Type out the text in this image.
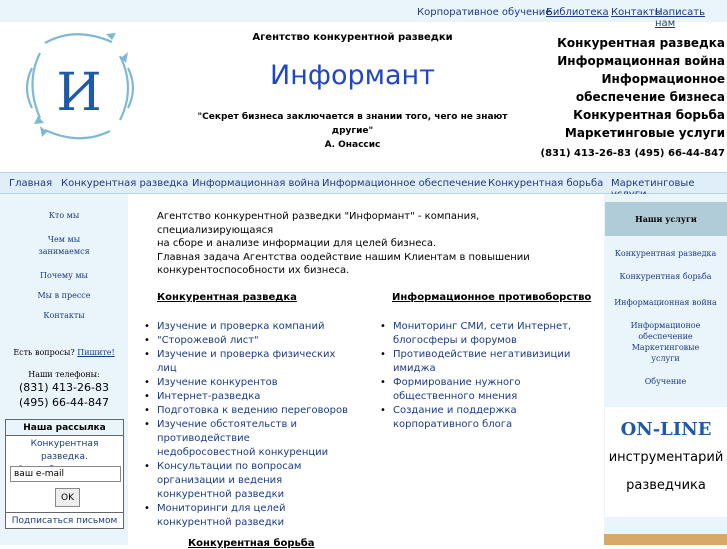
Корпоративное обучение
Библиотека Контакты
Написать нам
И
Агентство конкурентной разведки
Информант
"Секрет бизнеса заключается в знании того, чего не знают другие"
А. Онассис
Конкурентная разведка
Информационная война
Информационное
обеспечение бизнеса
Конкурентная борьба
Маркетинговые услуги
(831) 413-26-83 (495) 66-44-847
Главная Конкурентная разведка Информационная война Информационное обеспечение Конкурентная борьба Маркетинговые
Кто мы
Чем мы
занимаемся
Почему мы
Мы в прессе
Контакты
Есть вопросы? Пишите!
Наши телефоны:
(831) 413-26-83
(495) 66-44-847
Наша рассылка
Конкурентная разведка.
ваш e-mail
OK
Подписаться письмом
Агентство конкурентной разведки "Информант" - компания, специализирующаяся
на сборе и анализе информации для целей бизнеса.
Главная задача Агентства оодействие нашим Клиентам в повышении
конкурентоспособности их бизнеса.
Конкурентная разведка
• Изучение и проверка компаний
• "Сторожевой лист"
• Изучение и проверка физических лиц
• Изучение конкурентов
• Интернет-разведка
• Подготовка к ведению переговоров
• Изучение обстоятельств и противодействие недобросовестной конкуренции
• Консультации по вопросам организации и ведения конкурентной разведки
• Мониторинги для целей конкурентной разведки
Информационное противоборство
• Мониторинг СМИ, сети Интернет, блогосферы и форумов
• Противодействие негативизиции имиджа
• Формирование нужного общественного мнения
• Создание и поддержка корпоративного блога
Конкурентная борьба
Наши услуги
Конкурентная разведка
Конкурентная борьба
Информационная война
Информационое обеспечение
Маркетинговые
услуги
Обучение
ON-LINE
инструментарий
разведчика
